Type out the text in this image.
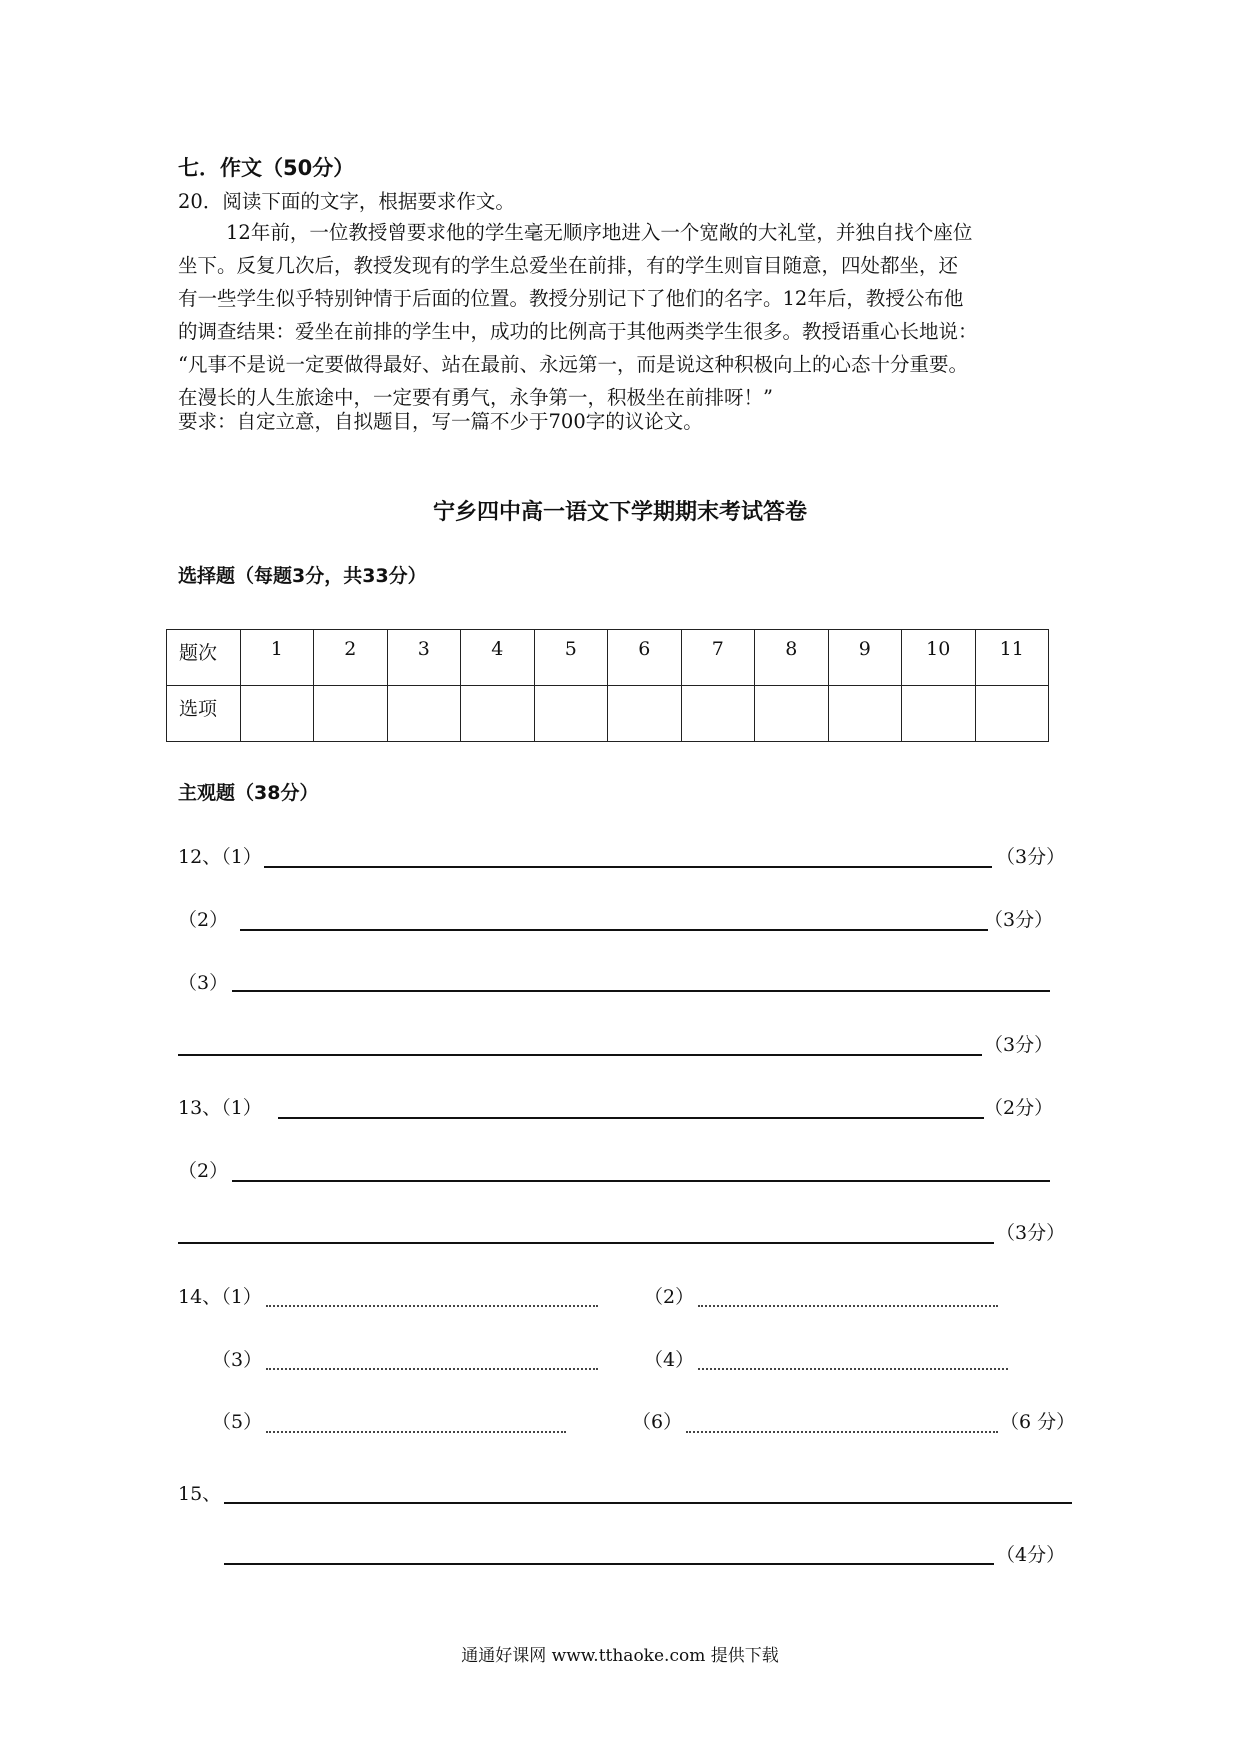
七．作文（50分）
20．阅读下面的文字，根据要求作文。

12年前，一位教授曾要求他的学生毫无顺序地进入一个宽敞的大礼堂，并独自找个座位

坐下。反复几次后，教授发现有的学生总爱坐在前排，有的学生则盲目随意，四处都坐，还

有一些学生似乎特别钟情于后面的位置。教授分别记下了他们的名字。12年后，教授公布他

的调查结果：爱坐在前排的学生中，成功的比例高于其他两类学生很多。教授语重心长地说：

“凡事不是说一定要做得最好、站在最前、永远第一，而是说这种积极向上的心态十分重要。

在漫长的人生旅途中，一定要有勇气，永争第一，积极坐在前排呀！”

要求：自定立意，自拟题目，写一篇不少于700字的议论文。
宁乡四中高一语文下学期期末考试答卷
选择题（每题3分，共33分）
题次	1	2	3	4	5	6	7	8	9	10	11
选项											
主观题（38分）
12、（1）	（3分）
（2）	（3分）
（3）
（3分）
13、（1）	（2分）
（2）
（3分）
14、（1）	（2）
（3）	（4）
（5）	（6）	（6 分）
15、
（4分）
通通好课网 www.tthaoke.com 提供下载
